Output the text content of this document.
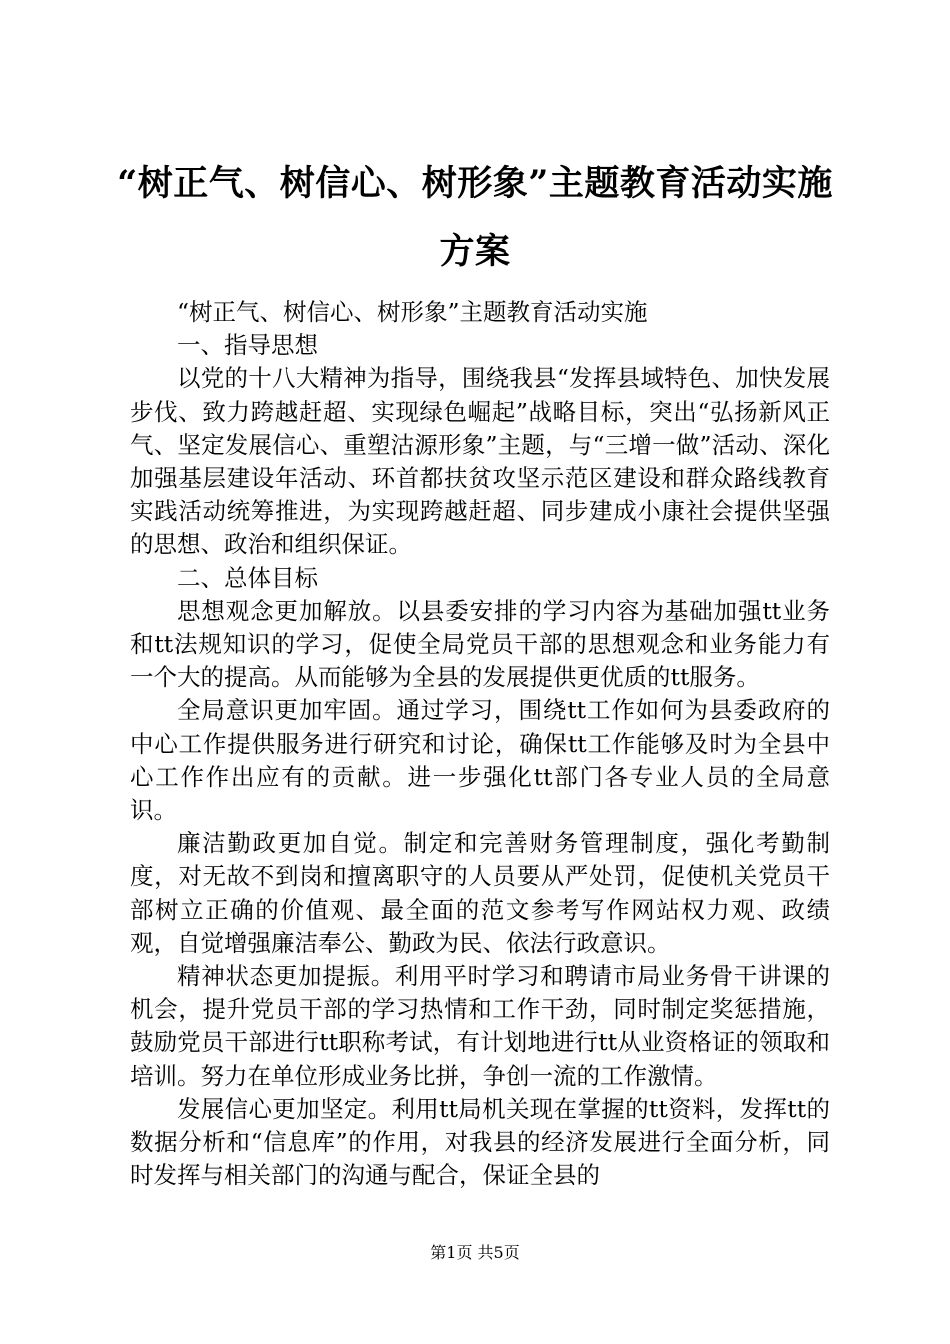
“树正气、树信心、树形象”主题教育活动实施方案

“树正气、树信心、树形象”主题教育活动实施

一、指导思想

以党的十八大精神为指导，围绕我县“发挥县域特色、加快发展步伐、致力跨越赶超、实现绿色崛起”战略目标，突出“弘扬新风正气、坚定发展信心、重塑沽源形象”主题，与“三增一做”活动、深化加强基层建设年活动、环首都扶贫攻坚示范区建设和群众路线教育实践活动统筹推进，为实现跨越赶超、同步建成小康社会提供坚强的思想、政治和组织保证。

二、总体目标

思想观念更加解放。以县委安排的学习内容为基础加强tt业务和tt法规知识的学习，促使全局党员干部的思想观念和业务能力有一个大的提高。从而能够为全县的发展提供更优质的tt服务。

全局意识更加牢固。通过学习，围绕tt工作如何为县委政府的中心工作提供服务进行研究和讨论，确保tt工作能够及时为全县中心工作作出应有的贡献。进一步强化tt部门各专业人员的全局意识。

廉洁勤政更加自觉。制定和完善财务管理制度，强化考勤制度，对无故不到岗和擅离职守的人员要从严处罚，促使机关党员干部树立正确的价值观、最全面的范文参考写作网站权力观、政绩观，自觉增强廉洁奉公、勤政为民、依法行政意识。

精神状态更加提振。利用平时学习和聘请市局业务骨干讲课的机会，提升党员干部的学习热情和工作干劲，同时制定奖惩措施，鼓励党员干部进行tt职称考试，有计划地进行tt从业资格证的领取和培训。努力在单位形成业务比拼，争创一流的工作激情。

发展信心更加坚定。利用tt局机关现在掌握的tt资料，发挥tt的数据分析和“信息库”的作用，对我县的经济发展进行全面分析，同时发挥与相关部门的沟通与配合，保证全县的

第1页 共5页
